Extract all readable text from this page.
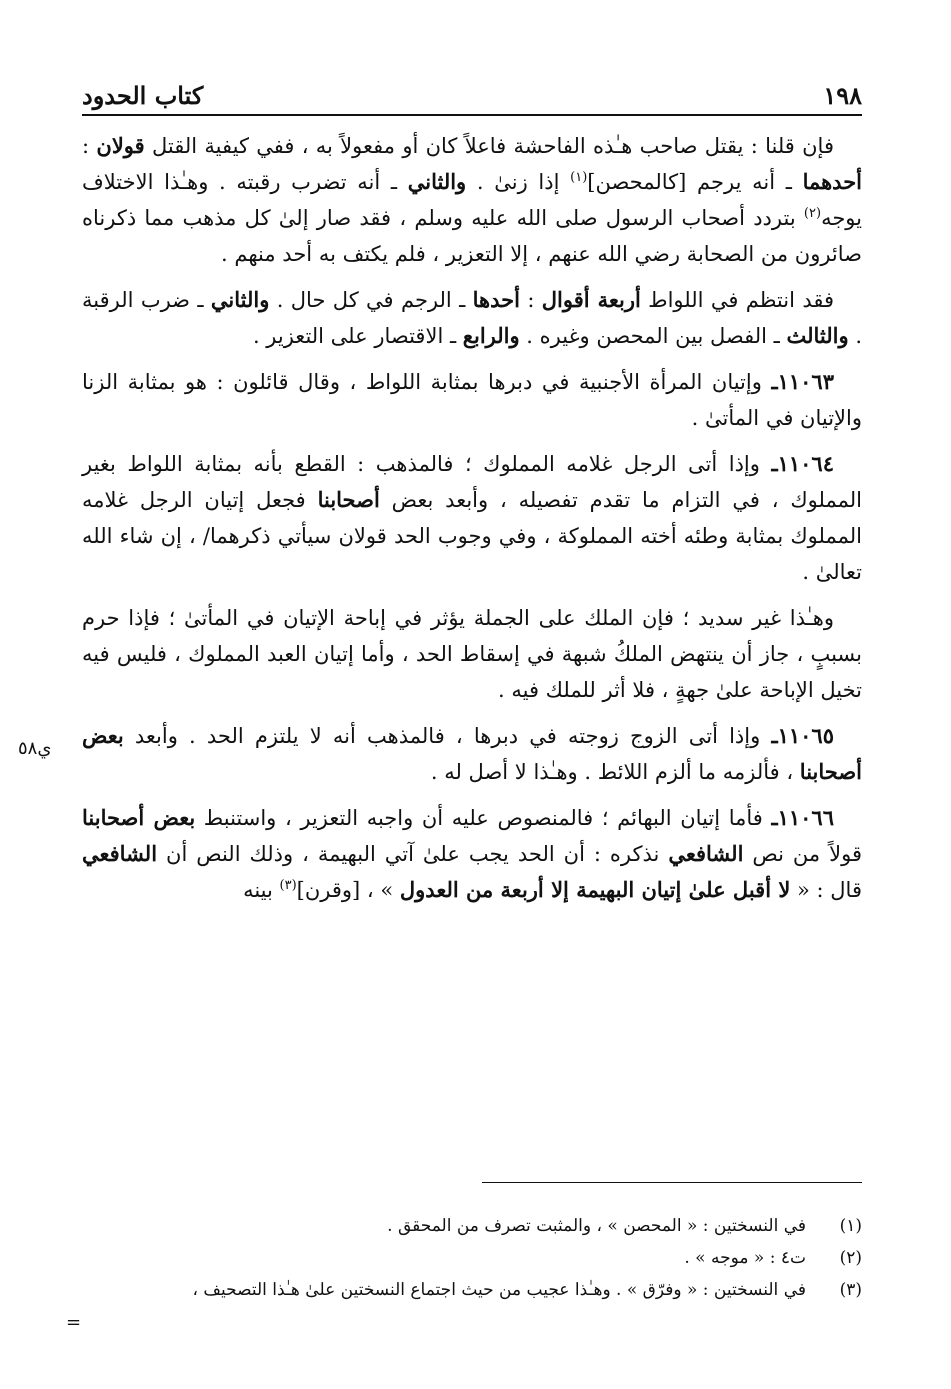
١٩٨
كتاب الحدود
ي٥٨

فإن قلنا : يقتل صاحب هـٰذه الفاحشة فاعلاً كان أو مفعولاً به ، ففي كيفية القتل قولان : أحدهما ـ أنه يرجم [كالمحصن]$^{(١)}$ إذا زنىٰ . والثاني ـ أنه تضرب رقبته . وهـٰذا الاختلاف يوجه$^{(٢)}$ بتردد أصحاب الرسول صلى الله عليه وسلم ، فقد صار إلىٰ كل مذهب مما ذكرناه صائرون من الصحابة رضي الله عنهم ، إلا التعزير ، فلم يكتف به أحد منهم .

فقد انتظم في اللواط أربعة أقوال : أحدها ـ الرجم في كل حال . والثاني ـ ضرب الرقبة . والثالث ـ الفصل بين المحصن وغيره . والرابع ـ الاقتصار على التعزير .

١١٠٦٣ـ وإتيان المرأة الأجنبية في دبرها بمثابة اللواط ، وقال قائلون : هو بمثابة الزنا والإتيان في المأتىٰ .

١١٠٦٤ـ وإذا أتى الرجل غلامه المملوك ؛ فالمذهب : القطع بأنه بمثابة اللواط بغير المملوك ، في التزام ما تقدم تفصيله ، وأبعد بعض أصحابنا فجعل إتيان الرجل غلامه المملوك بمثابة وطئه أخته المملوكة ، وفي وجوب الحد قولان سيأتي ذكرهما/ ، إن شاء الله تعالىٰ .

وهـٰذا غير سديد ؛ فإن الملك على الجملة يؤثر في إباحة الإتيان في المأتىٰ ؛ فإذا حرم بسببٍ ، جاز أن ينتهض الملكُ شبهة في إسقاط الحد ، وأما إتيان العبد المملوك ، فليس فيه تخيل الإباحة علىٰ جهةٍ ، فلا أثر للملك فيه .

١١٠٦٥ـ وإذا أتى الزوج زوجته في دبرها ، فالمذهب أنه لا يلتزم الحد . وأبعد بعض أصحابنا ، فألزمه ما ألزم اللائط . وهـٰذا لا أصل له .

١١٠٦٦ـ فأما إتيان البهائم ؛ فالمنصوص عليه أن واجبه التعزير ، واستنبط بعض أصحابنا قولاً من نص الشافعي نذكره : أن الحد يجب علىٰ آتي البهيمة ، وذلك النص أن الشافعي قال : « لا أقبل علىٰ إتيان البهيمة إلا أربعة من العدول » ، [وقرن]$^{(٣)}$ بينه

(١)
في النسختين : « المحصن » ، والمثبت تصرف من المحقق .
(٢)
ت٤ : « موجه » .
(٣)
في النسختين : « وفرّق » . وهـٰذا عجيب من حيث اجتماع النسختين علىٰ هـٰذا التصحيف ،
=
